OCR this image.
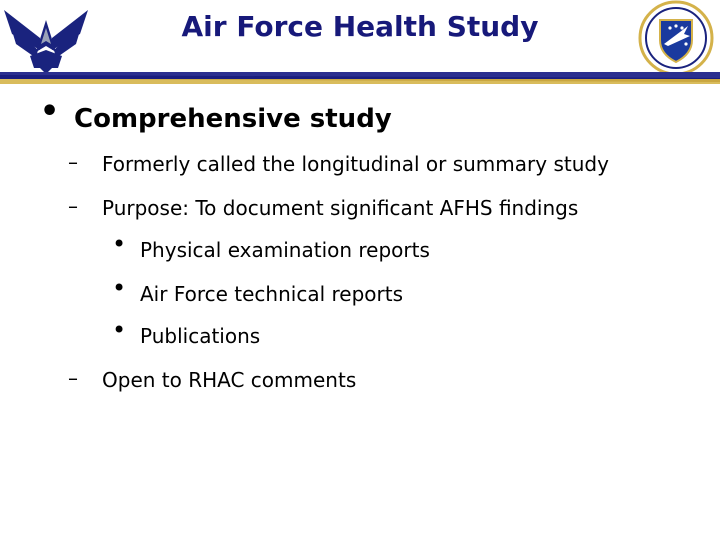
Air Force Health Study
• Comprehensive study
– Formerly called the longitudinal or summary study
– Purpose: To document significant AFHS findings
• Physical examination reports
• Air Force technical reports
• Publications
– Open to RHAC comments
